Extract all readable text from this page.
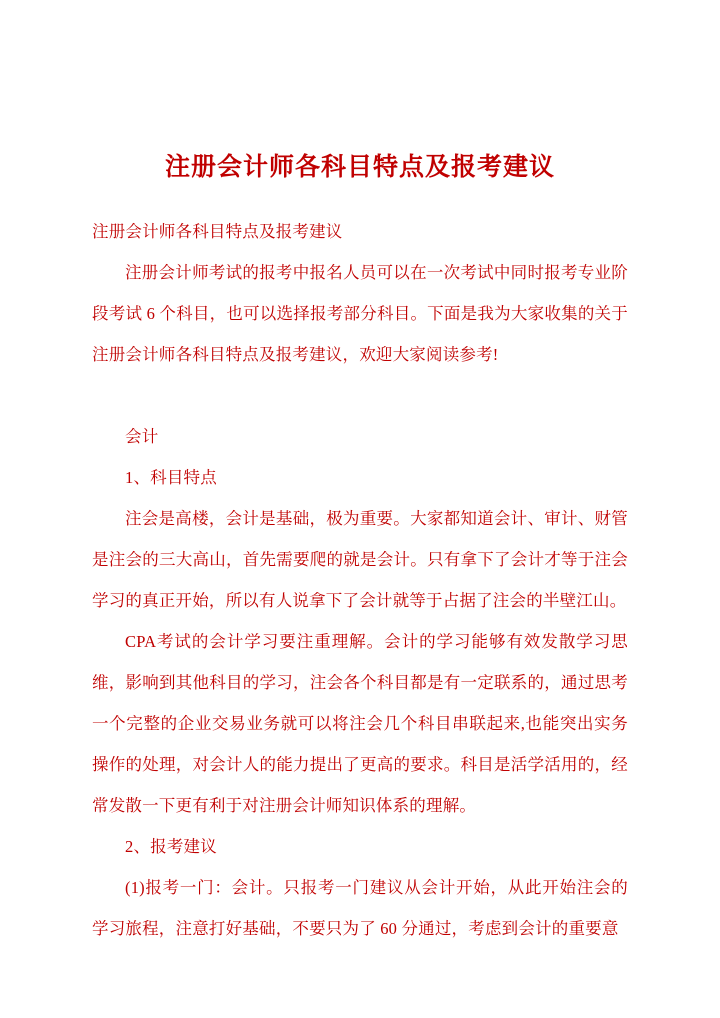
注册会计师各科目特点及报考建议

注册会计师各科目特点及报考建议

注册会计师考试的报考中报名人员可以在一次考试中同时报考专业阶段考试 6 个科目，也可以选择报考部分科目。下面是我为大家收集的关于注册会计师各科目特点及报考建议，欢迎大家阅读参考!

会计

1、科目特点

注会是高楼，会计是基础，极为重要。大家都知道会计、审计、财管是注会的三大高山，首先需要爬的就是会计。只有拿下了会计才等于注会学习的真正开始，所以有人说拿下了会计就等于占据了注会的半壁江山。

CPA考试的会计学习要注重理解。会计的学习能够有效发散学习思维，影响到其他科目的学习，注会各个科目都是有一定联系的，通过思考一个完整的企业交易业务就可以将注会几个科目串联起来,也能突出实务操作的处理，对会计人的能力提出了更高的要求。科目是活学活用的，经常发散一下更有利于对注册会计师知识体系的理解。

2、报考建议

(1)报考一门：会计。只报考一门建议从会计开始，从此开始注会的学习旅程，注意打好基础，不要只为了 60 分通过，考虑到会计的重要意
